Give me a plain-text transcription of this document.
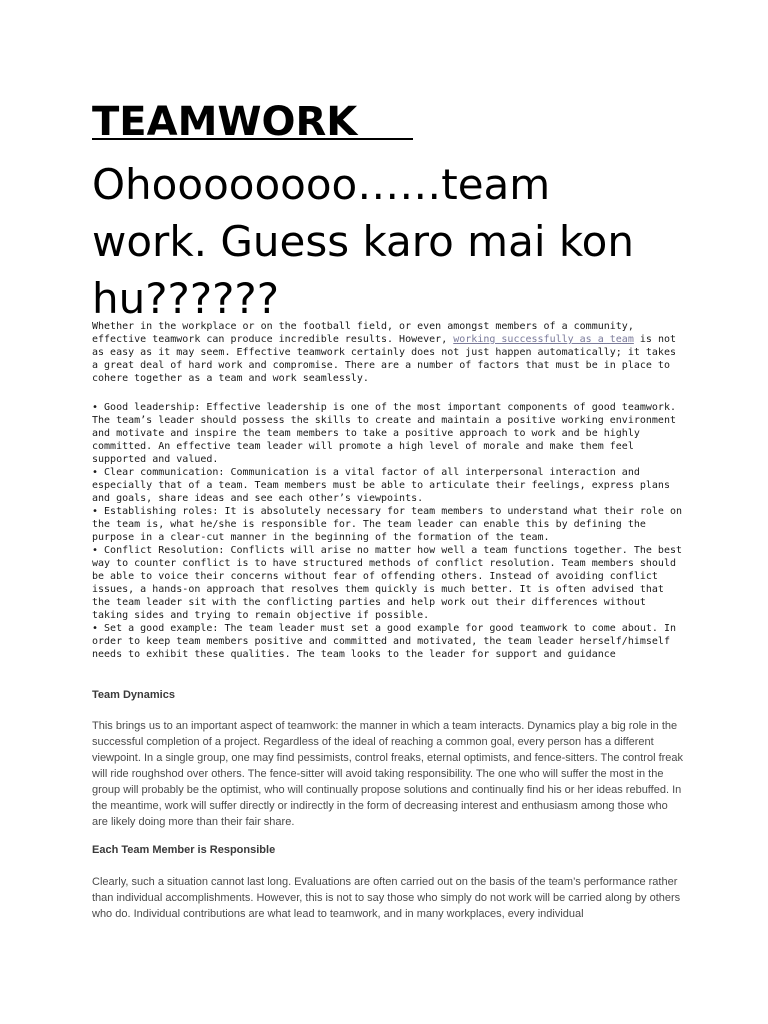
TEAMWORK
Ohoooooooo……team work. Guess karo mai kon hu??????

Whether in the workplace or on the football field, or even amongst members of a community, effective teamwork can produce incredible results. However, working successfully as a team is not as easy as it may seem. Effective teamwork certainly does not just happen automatically; it takes a great deal of hard work and compromise. There are a number of factors that must be in place to cohere together as a team and work seamlessly.

• Good leadership: Effective leadership is one of the most important components of good teamwork. The team’s leader should possess the skills to create and maintain a positive working environment and motivate and inspire the team members to take a positive approach to work and be highly committed. An effective team leader will promote a high level of morale and make them feel supported and valued.

• Clear communication: Communication is a vital factor of all interpersonal interaction and especially that of a team. Team members must be able to articulate their feelings, express plans and goals, share ideas and see each other’s viewpoints.

• Establishing roles: It is absolutely necessary for team members to understand what their role on the team is, what he/she is responsible for. The team leader can enable this by defining the purpose in a clear-cut manner in the beginning of the formation of the team.

• Conflict Resolution: Conflicts will arise no matter how well a team functions together. The best way to counter conflict is to have structured methods of conflict resolution. Team members should be able to voice their concerns without fear of offending others. Instead of avoiding conflict issues, a hands-on approach that resolves them quickly is much better. It is often advised that the team leader sit with the conflicting parties and help work out their differences without taking sides and trying to remain objective if possible.

• Set a good example: The team leader must set a good example for good teamwork to come about. In order to keep team members positive and committed and motivated, the team leader herself/himself needs to exhibit these qualities. The team looks to the leader for support and guidance

Team Dynamics

This brings us to an important aspect of teamwork: the manner in which a team interacts. Dynamics play a big role in the successful completion of a project. Regardless of the ideal of reaching a common goal, every person has a different viewpoint. In a single group, one may find pessimists, control freaks, eternal optimists, and fence-sitters. The control freak will ride roughshod over others. The fence-sitter will avoid taking responsibility. The one who will suffer the most in the group will probably be the optimist, who will continually propose solutions and continually find his or her ideas rebuffed. In the meantime, work will suffer directly or indirectly in the form of decreasing interest and enthusiasm among those who are likely doing more than their fair share.

Each Team Member is Responsible

Clearly, such a situation cannot last long. Evaluations are often carried out on the basis of the team’s performance rather than individual accomplishments. However, this is not to say those who simply do not work will be carried along by others who do. Individual contributions are what lead to teamwork, and in many workplaces, every individual
